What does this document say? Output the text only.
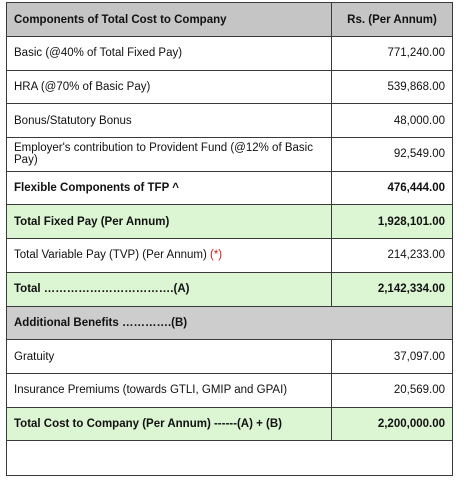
Components of Total Cost to Company	Rs. (Per Annum)
Basic (@40% of Total Fixed Pay)	771,240.00
HRA (@70% of Basic Pay)	539,868.00
Bonus/Statutory Bonus	48,000.00
Employer's contribution to Provident Fund (@12% of Basic Pay)	92,549.00
Flexible Components of TFP ^	476,444.00
Total Fixed Pay (Per Annum)	1,928,101.00
Total Variable Pay (TVP) (Per Annum) (*)	214,233.00
Total …………………………….(A)	2,142,334.00
Additional Benefits ………….(B)	
Gratuity	37,097.00
Insurance Premiums (towards GTLI, GMIP and GPAI)	20,569.00
Total Cost to Company (Per Annum) ------(A) + (B)	2,200,000.00
